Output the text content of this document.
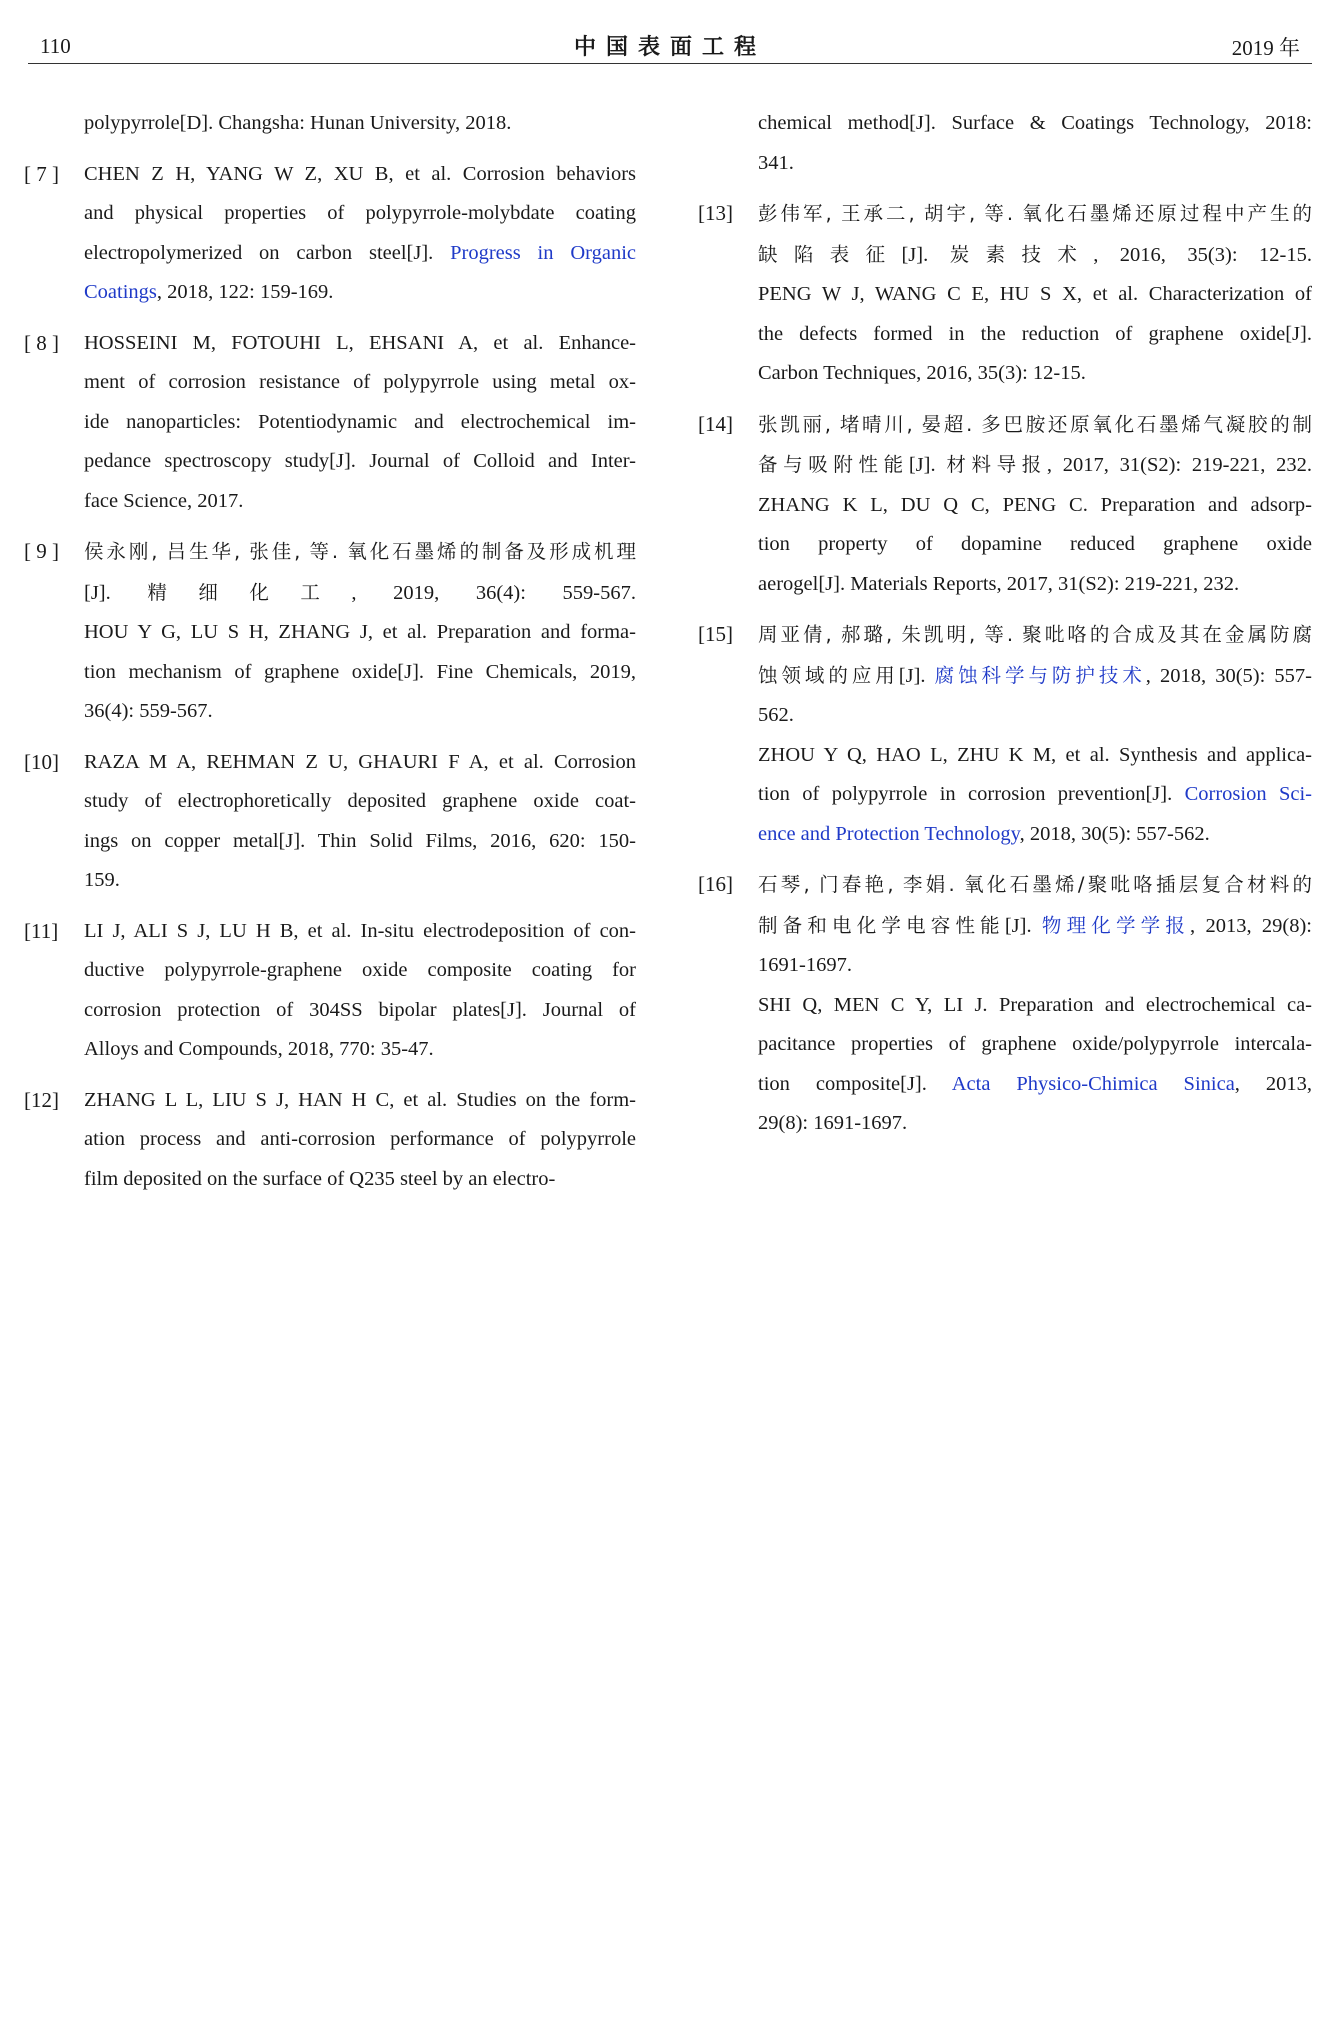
110	中国表面工程	2019 年
polypyrrole[D]. Changsha: Hunan University, 2018.
[ 7 ]	CHEN Z H, YANG W Z, XU B, et al. Corrosion behaviors
and physical properties of polypyrrole-molybdate coating
electropolymerized on carbon steel[J]. Progress in Organic
Coatings, 2018, 122: 159-169.
[ 8 ]	HOSSEINI M, FOTOUHI L, EHSANI A, et al. Enhance-
ment of corrosion resistance of polypyrrole using metal ox-
ide nanoparticles: Potentiodynamic and electrochemical im-
pedance spectroscopy study[J]. Journal of Colloid and Inter-
face Science, 2017.
[ 9 ]	侯永刚, 吕生华, 张佳, 等. 氧化石墨烯的制备及形成机理
[J]. 精细化工, 2019, 36(4): 559-567.
HOU Y G, LU S H, ZHANG J, et al. Preparation and forma-
tion mechanism of graphene oxide[J]. Fine Chemicals, 2019,
36(4): 559-567.
[10]	RAZA M A, REHMAN Z U, GHAURI F A, et al. Corrosion
study of electrophoretically deposited graphene oxide coat-
ings on copper metal[J]. Thin Solid Films, 2016, 620: 150-
159.
[11]	LI J, ALI S J, LU H B, et al. In-situ electrodeposition of con-
ductive polypyrrole-graphene oxide composite coating for
corrosion protection of 304SS bipolar plates[J]. Journal of
Alloys and Compounds, 2018, 770: 35-47.
[12]	ZHANG L L, LIU S J, HAN H C, et al. Studies on the form-
ation process and anti-corrosion performance of polypyrrole
film deposited on the surface of Q235 steel by an electro-
chemical method[J]. Surface & Coatings Technology, 2018:
341.
[13]	彭伟军, 王承二, 胡宇, 等. 氧化石墨烯还原过程中产生的
缺陷表征[J]. 炭素技术, 2016, 35(3): 12-15.
PENG W J, WANG C E, HU S X, et al. Characterization of
the defects formed in the reduction of graphene oxide[J].
Carbon Techniques, 2016, 35(3): 12-15.
[14]	张凯丽, 堵晴川, 晏超. 多巴胺还原氧化石墨烯气凝胶的制
备与吸附性能[J]. 材料导报, 2017, 31(S2): 219-221, 232.
ZHANG K L, DU Q C, PENG C. Preparation and adsorp-
tion property of dopamine reduced graphene oxide
aerogel[J]. Materials Reports, 2017, 31(S2): 219-221, 232.
[15]	周亚倩, 郝璐, 朱凯明, 等. 聚吡咯的合成及其在金属防腐
蚀领域的应用[J]. 腐蚀科学与防护技术, 2018, 30(5): 557-
562.
ZHOU Y Q, HAO L, ZHU K M, et al. Synthesis and applica-
tion of polypyrrole in corrosion prevention[J]. Corrosion Sci-
ence and Protection Technology, 2018, 30(5): 557-562.
[16]	石琴, 门春艳, 李娟. 氧化石墨烯/聚吡咯插层复合材料的
制备和电化学电容性能[J]. 物理化学学报, 2013, 29(8):
1691-1697.
SHI Q, MEN C Y, LI J. Preparation and electrochemical ca-
pacitance properties of graphene oxide/polypyrrole intercala-
tion composite[J]. Acta Physico-Chimica Sinica, 2013,
29(8): 1691-1697.
